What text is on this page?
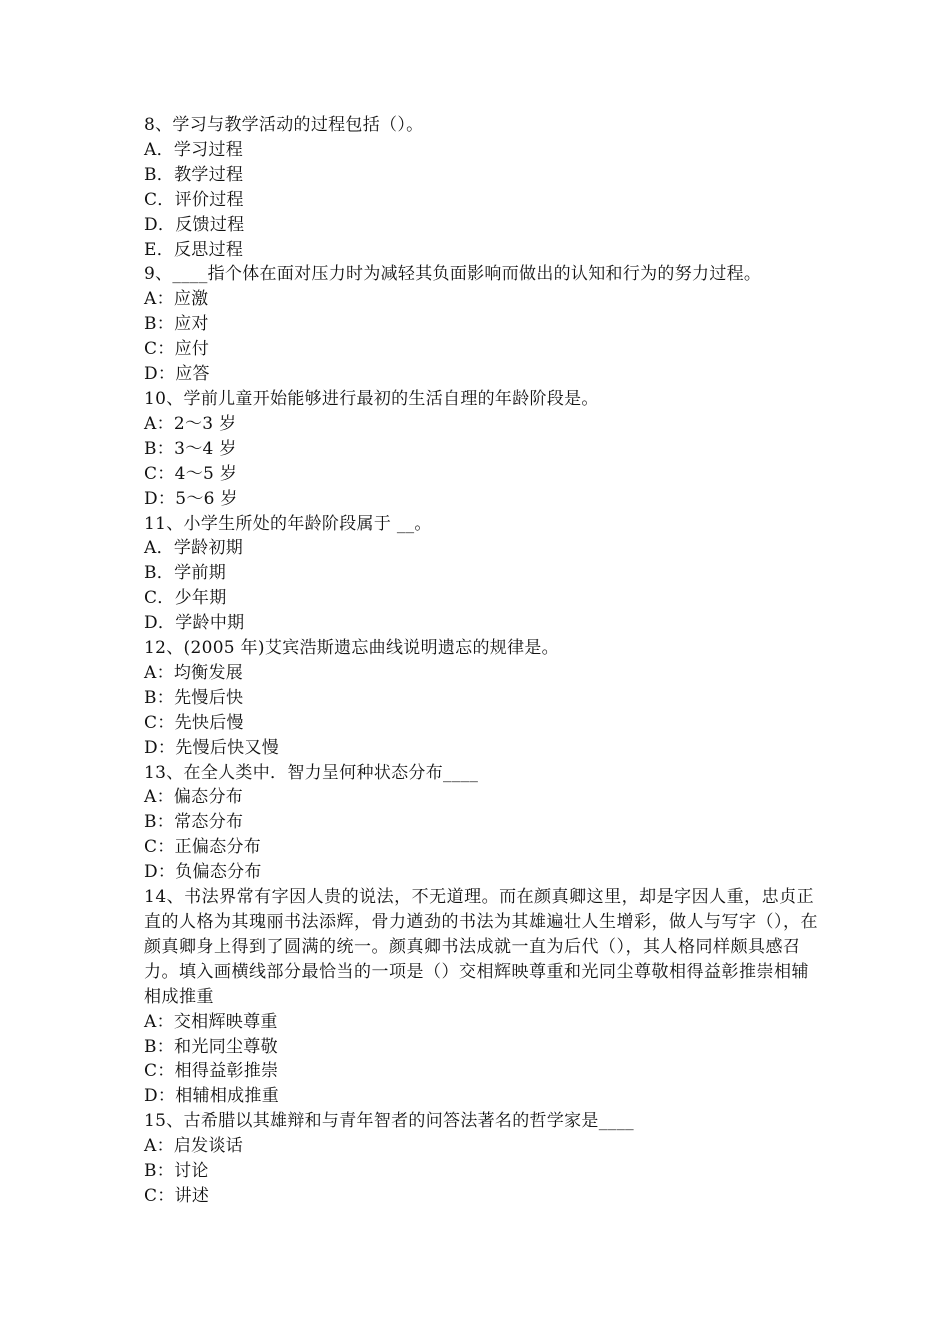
8、学习与教学活动的过程包括（）。
A．学习过程
B．教学过程
C．评价过程
D．反馈过程
E．反思过程
9、____指个体在面对压力时为减轻其负面影响而做出的认知和行为的努力过程。
A：应激
B：应对
C：应付
D：应答
10、学前儿童开始能够进行最初的生活自理的年龄阶段是。
A：2～3 岁
B：3～4 岁
C：4～5 岁
D：5～6 岁
11、小学生所处的年龄阶段属于 __。
A．学龄初期
B．学前期
C．少年期
D．学龄中期
12、(2005 年)艾宾浩斯遗忘曲线说明遗忘的规律是。
A：均衡发展
B：先慢后快
C：先快后慢
D：先慢后快又慢
13、在全人类中．智力呈何种状态分布____
A：偏态分布
B：常态分布
C：正偏态分布
D：负偏态分布
14、书法界常有字因人贵的说法，不无道理。而在颜真卿这里，却是字因人重，忠贞正直的人格为其瑰丽书法添辉，骨力遒劲的书法为其雄遍壮人生增彩，做人与写字（），在颜真卿身上得到了圆满的统一。颜真卿书法成就一直为后代（），其人格同样颇具感召力。填入画横线部分最恰当的一项是（）交相辉映尊重和光同尘尊敬相得益彰推崇相辅相成推重
A：交相辉映尊重
B：和光同尘尊敬
C：相得益彰推崇
D：相辅相成推重
15、古希腊以其雄辩和与青年智者的问答法著名的哲学家是____
A：启发谈话
B：讨论
C：讲述
